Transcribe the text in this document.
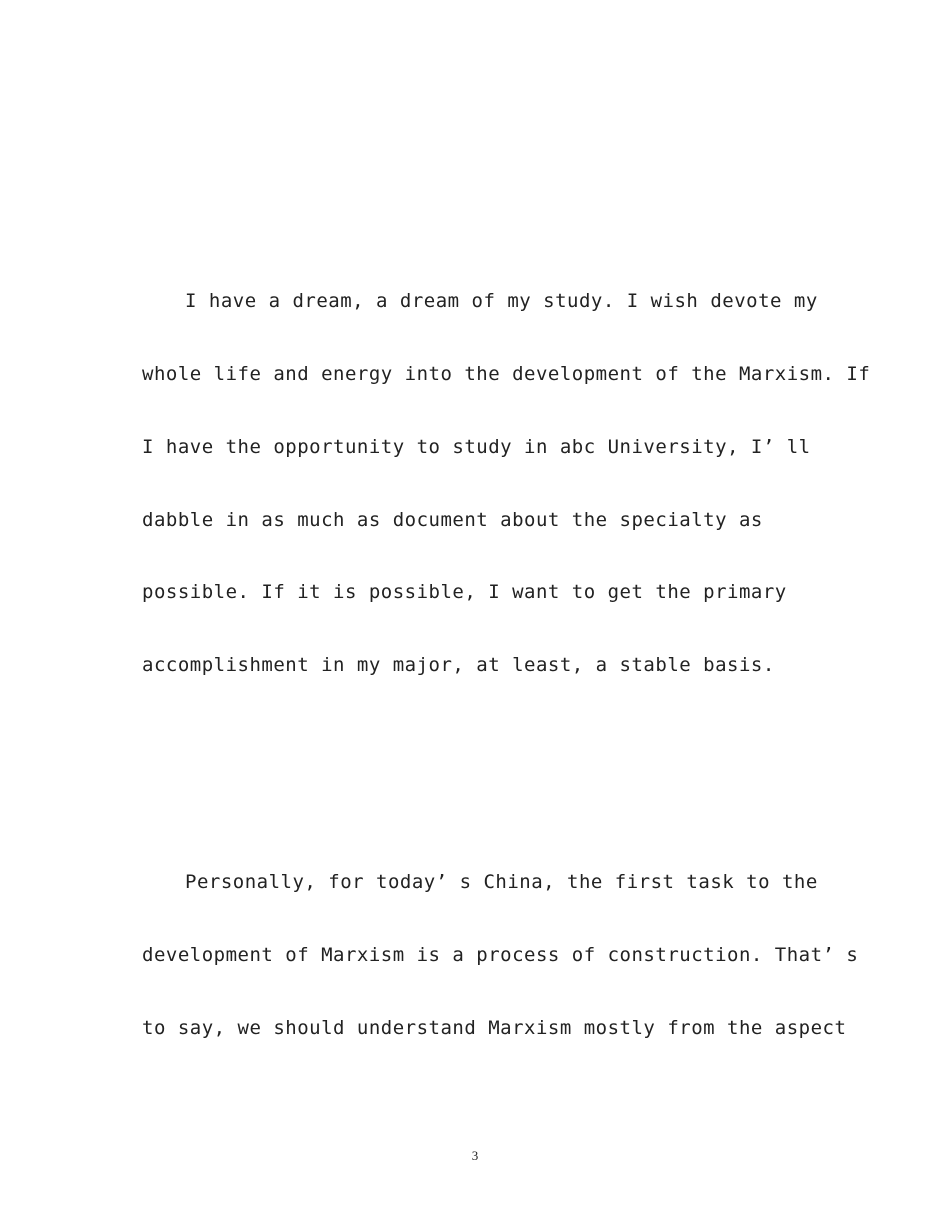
I have a dream, a dream of my study. I wish devote my
whole life and energy into the development of the Marxism. If
I have the opportunity to study in abc University, I’ ll
dabble in as much as document about the specialty as
possible. If it is possible, I want to get the primary
accomplishment in my major, at least, a stable basis.
Personally, for today’ s China, the first task to the
development of Marxism is a process of construction. That’ s
to say, we should understand Marxism mostly from the aspect
3
